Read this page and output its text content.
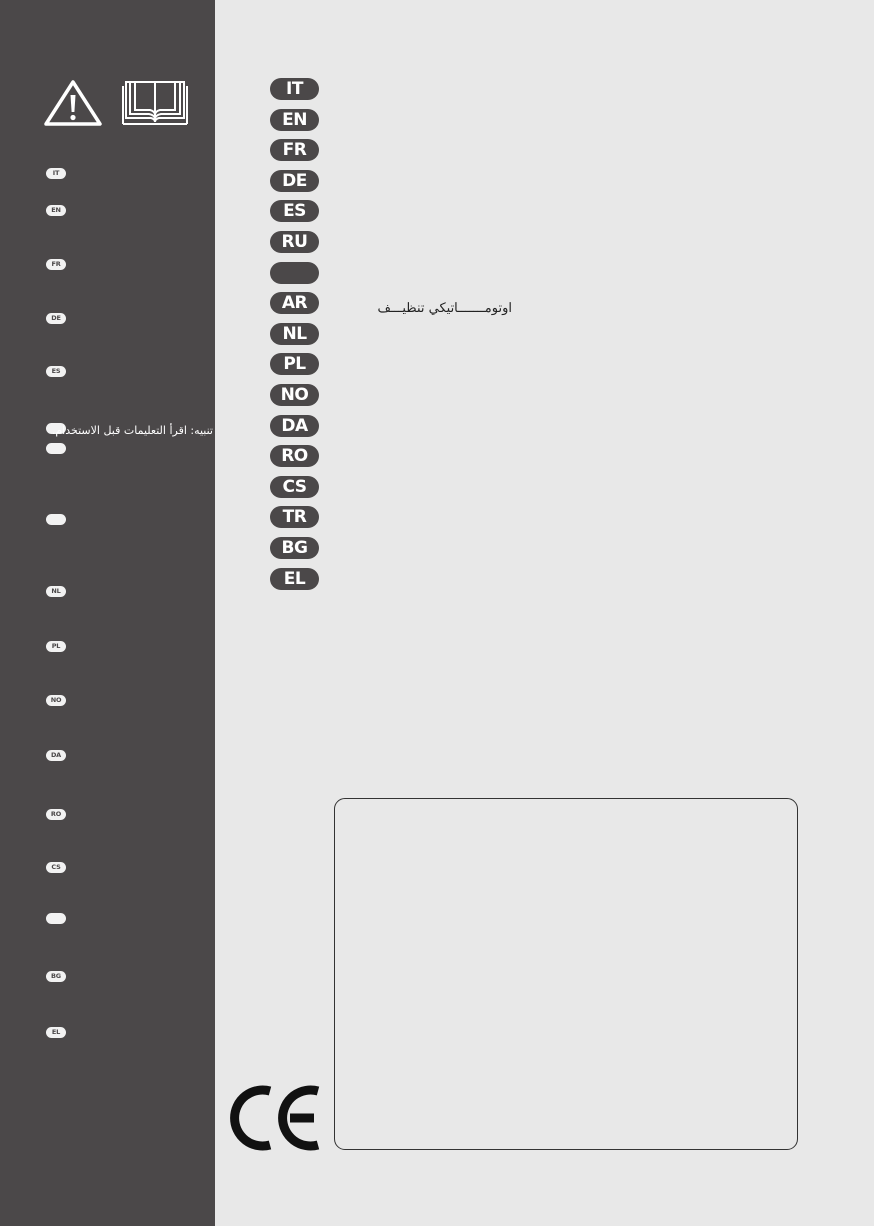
IT
EN
FR
DE
ES
NL
PL
NO
DA
RO
CS
BG
EL
تنبيه: اقرأ التعليمات قبل الاستخدام.
IT
EN
FR
DE
ES
RU
AR
NL
PL
NO
DA
RO
CS
TR
BG
EL
اوتومـــــــاتيكي تنظيـــف
